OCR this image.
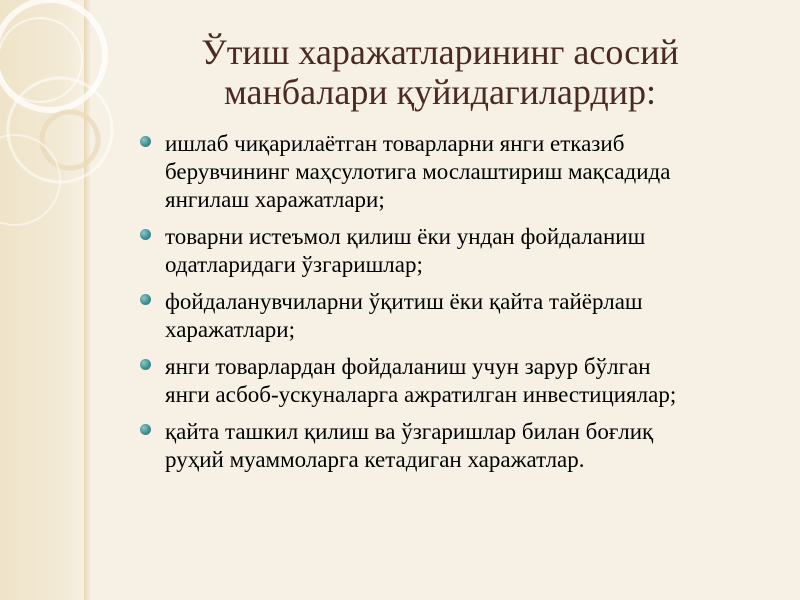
Ўтиш харажатларининг асосий
манбалари қуйидагилардир:
ишлаб чиқарилаётган товарларни янги етказиб
берувчининг маҳсулотига мослаштириш мақсадида
янгилаш харажатлари;
товарни истеъмол қилиш ёки ундан фойдаланиш
одатларидаги ўзгаришлар;
фойдаланувчиларни ўқитиш ёки қайта тайёрлаш
харажатлари;
янги товарлардан фойдаланиш учун зарур бўлган
янги асбоб-ускуналарга ажратилган инвестициялар;
қайта ташкил қилиш ва ўзгаришлар билан боғлиқ
руҳий муаммоларга кетадиган харажатлар.
